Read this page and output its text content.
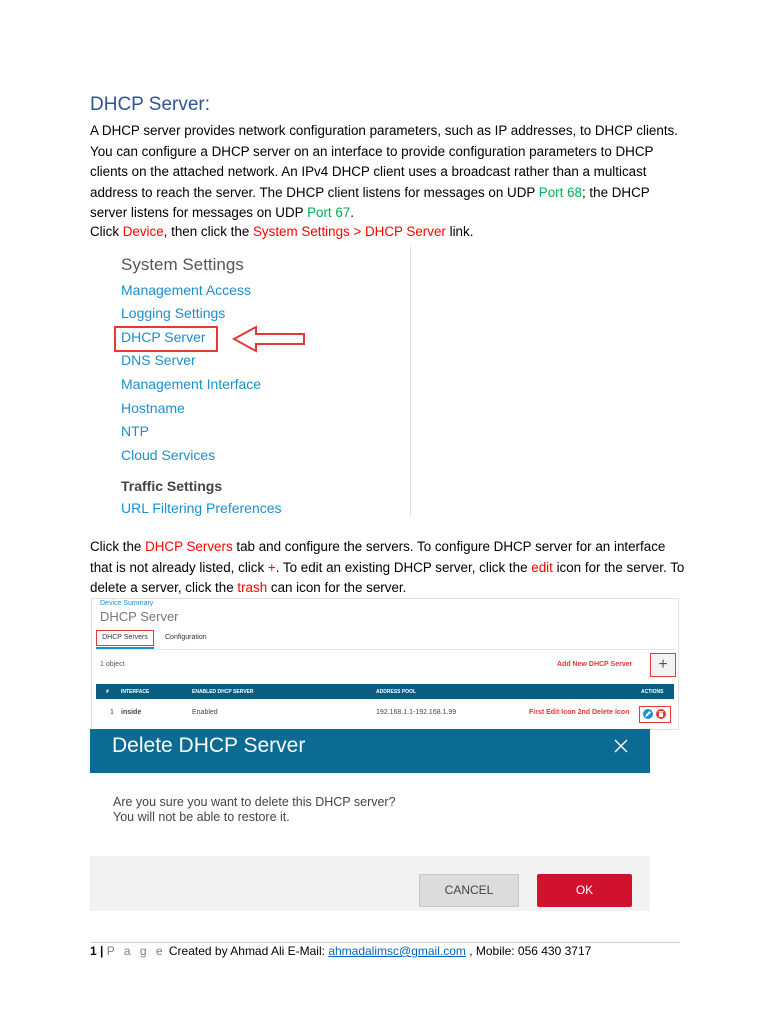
DHCP Server:

A DHCP server provides network configuration parameters, such as IP addresses, to DHCP clients. You can configure a DHCP server on an interface to provide configuration parameters to DHCP clients on the attached network. An IPv4 DHCP client uses a broadcast rather than a multicast address to reach the server. The DHCP client listens for messages on UDP Port 68; the DHCP server listens for messages on UDP Port 67.

Click Device, then click the System Settings > DHCP Server link.

System Settings
Management Access
Logging Settings
DHCP Server
DNS Server
Management Interface
Hostname
NTP
Cloud Services
Traffic Settings
URL Filtering Preferences

Click the DHCP Servers tab and configure the servers. To configure DHCP server for an interface that is not already listed, click +. To edit an existing DHCP server, click the edit icon for the server. To delete a server, click the trash can icon for the server.

Device Summary
DHCP Server
DHCP Servers	Configuration
1 object	Add New DHCP Server	+
# INTERFACE	ENABLED DHCP SERVER	ADDRESS POOL	ACTIONS
1 inside	Enabled	192.168.1.1-192.168.1.99	First Edit Icon 2nd Delete Icon
Delete DHCP Server
Are you sure you want to delete this DHCP server?
You will not be able to restore it.
CANCEL	OK
1 | P a g e Created by Ahmad Ali E-Mail: ahmadalimsc@gmail.com , Mobile: 056 430 3717
